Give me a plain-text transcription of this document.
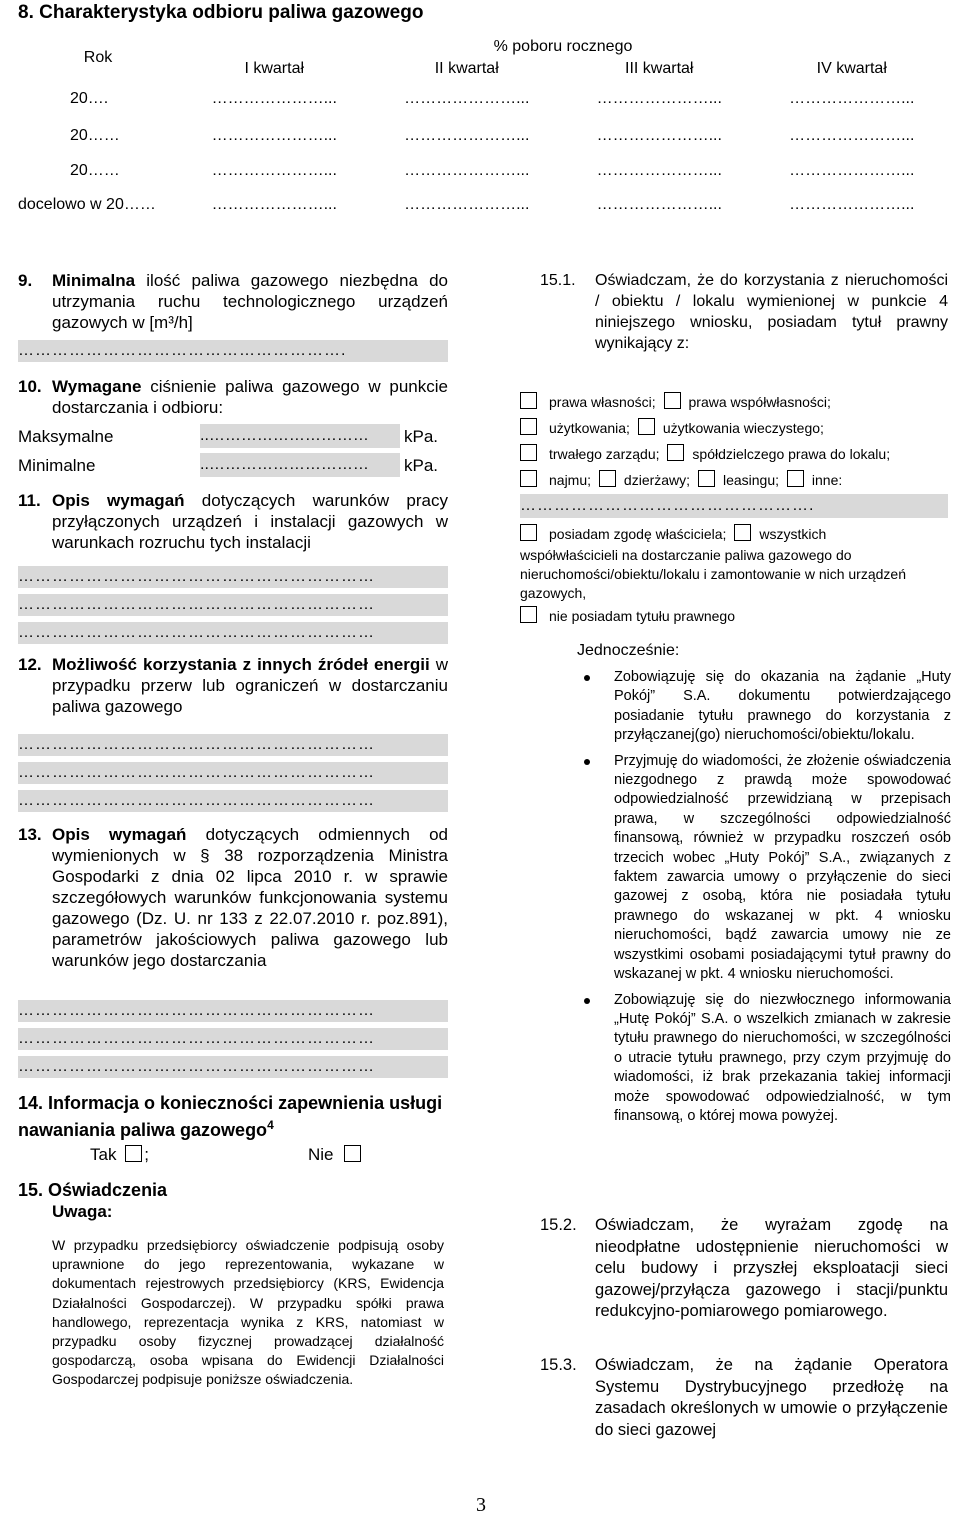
8. Charakterystyka odbioru paliwa gazowego
Rok	% poboru rocznego			
	I kwartał	II kwartał	III kwartał	IV kwartał
20….	…………………...	…………………...	…………………...	…………………...
20……	…………………...	…………………...	…………………...	…………………...
20……	…………………...	…………………...	…………………...	…………………...
docelowo w 20……	…………………...	…………………...	…………………...	…………………...
9.	Minimalna ilość paliwa gazowego niezbędna do utrzymania ruchu technologicznego urządzeń gazowych w [m³/h]
………………………………………………….
10. Wymagane ciśnienie paliwa gazowego w punkcie dostarczania i odbioru:
Maksymalne	..…………………………	kPa.
Minimalne	..…………………………	kPa.
11. Opis wymagań dotyczących warunków pracy przyłączonych urządzeń i instalacji gazowych w warunkach rozruchu tych instalacji
………………………………………………………
………………………………………………………
………………………………………………………
12. Możliwość korzystania z innych źródeł energii w przypadku przerw lub ograniczeń w dostarczaniu paliwa gazowego
………………………………………………………
………………………………………………………
………………………………………………………
13. Opis wymagań dotyczących odmiennych od wymienionych w § 38 rozporządzenia Ministra Gospodarki z dnia 02 lipca 2010 r. w sprawie szczegółowych warunków funkcjonowania systemu gazowego (Dz. U. nr 133 z 22.07.2010 r. poz.891), parametrów jakościowych paliwa gazowego lub warunków jego dostarczania
………………………………………………………
………………………………………………………
………………………………………………………
14. Informacja o konieczności zapewnienia usługi nawaniania paliwa gazowego$^4$
Tak ;	Nie
15. Oświadczenia
Uwaga:
W przypadku przedsiębiorcy oświadczenie podpisują osoby uprawnione do jego reprezentowania, wykazane w dokumentach rejestrowych przedsiębiorcy (KRS, Ewidencja Działalności Gospodarczej). W przypadku spółki prawa handlowego, reprezentacja wynika z KRS, natomiast w przypadku osoby fizycznej prowadzącej działalność gospodarczą, osoba wpisana do Ewidencji Działalności Gospodarczej podpisuje poniższe oświadczenia.
15.1. Oświadczam, że do korzystania z nieruchomości / obiektu / lokalu wymienionej w punkcie 4 niniejszego wniosku, posiadam tytuł prawny wynikający z:
prawa własności; prawa współwłasności;
użytkowania; użytkowania wieczystego;
trwałego zarządu; spółdzielczego prawa do lokalu;
najmu; dzierżawy; leasingu; inne:
…………………………………………….
posiadam zgodę właściciela; wszystkich
współwłaścicieli na dostarczanie paliwa gazowego do nieruchomości/obiektu/lokalu i zamontowanie w nich urządzeń gazowych,
nie posiadam tytułu prawnego
Jednocześnie:
Zobowiązuję się do okazania na żądanie „Huty Pokój” S.A. dokumentu potwierdzającego posiadanie tytułu prawnego do korzystania z przyłączanej(go) nieruchomości/obiektu/lokalu.
Przyjmuję do wiadomości, że złożenie oświadczenia niezgodnego z prawdą może spowodować odpowiedzialność przewidzianą w przepisach prawa, w szczególności odpowiedzialność finansową, również w przypadku roszczeń osób trzecich wobec „Huty Pokój” S.A., związanych z faktem zawarcia umowy o przyłączenie do sieci gazowej z osobą, która nie posiadała tytułu prawnego do wskazanej w pkt. 4 wniosku nieruchomości, bądź zawarcia umowy nie ze wszystkimi osobami posiadającymi tytuł prawny do wskazanej w pkt. 4 wniosku nieruchomości.
Zobowiązuję się do niezwłocznego informowania „Hutę Pokój” S.A. o wszelkich zmianach w zakresie tytułu prawnego do nieruchomości, w szczególności o utracie tytułu prawnego, przy czym przyjmuję do wiadomości, iż brak przekazania takiej informacji może spowodować odpowiedzialność, w tym finansową, o której mowa powyżej.
15.2. Oświadczam, że wyrażam zgodę na nieodpłatne udostępnienie nieruchomości w celu budowy i przyszłej eksploatacji sieci gazowej/przyłącza gazowego i stacji/punktu redukcyjno-pomiarowego pomiarowego.
15.3. Oświadczam, że na żądanie Operatora Systemu Dystrybucyjnego przedłożę na zasadach określonych w umowie o przyłączenie do sieci gazowej
3
